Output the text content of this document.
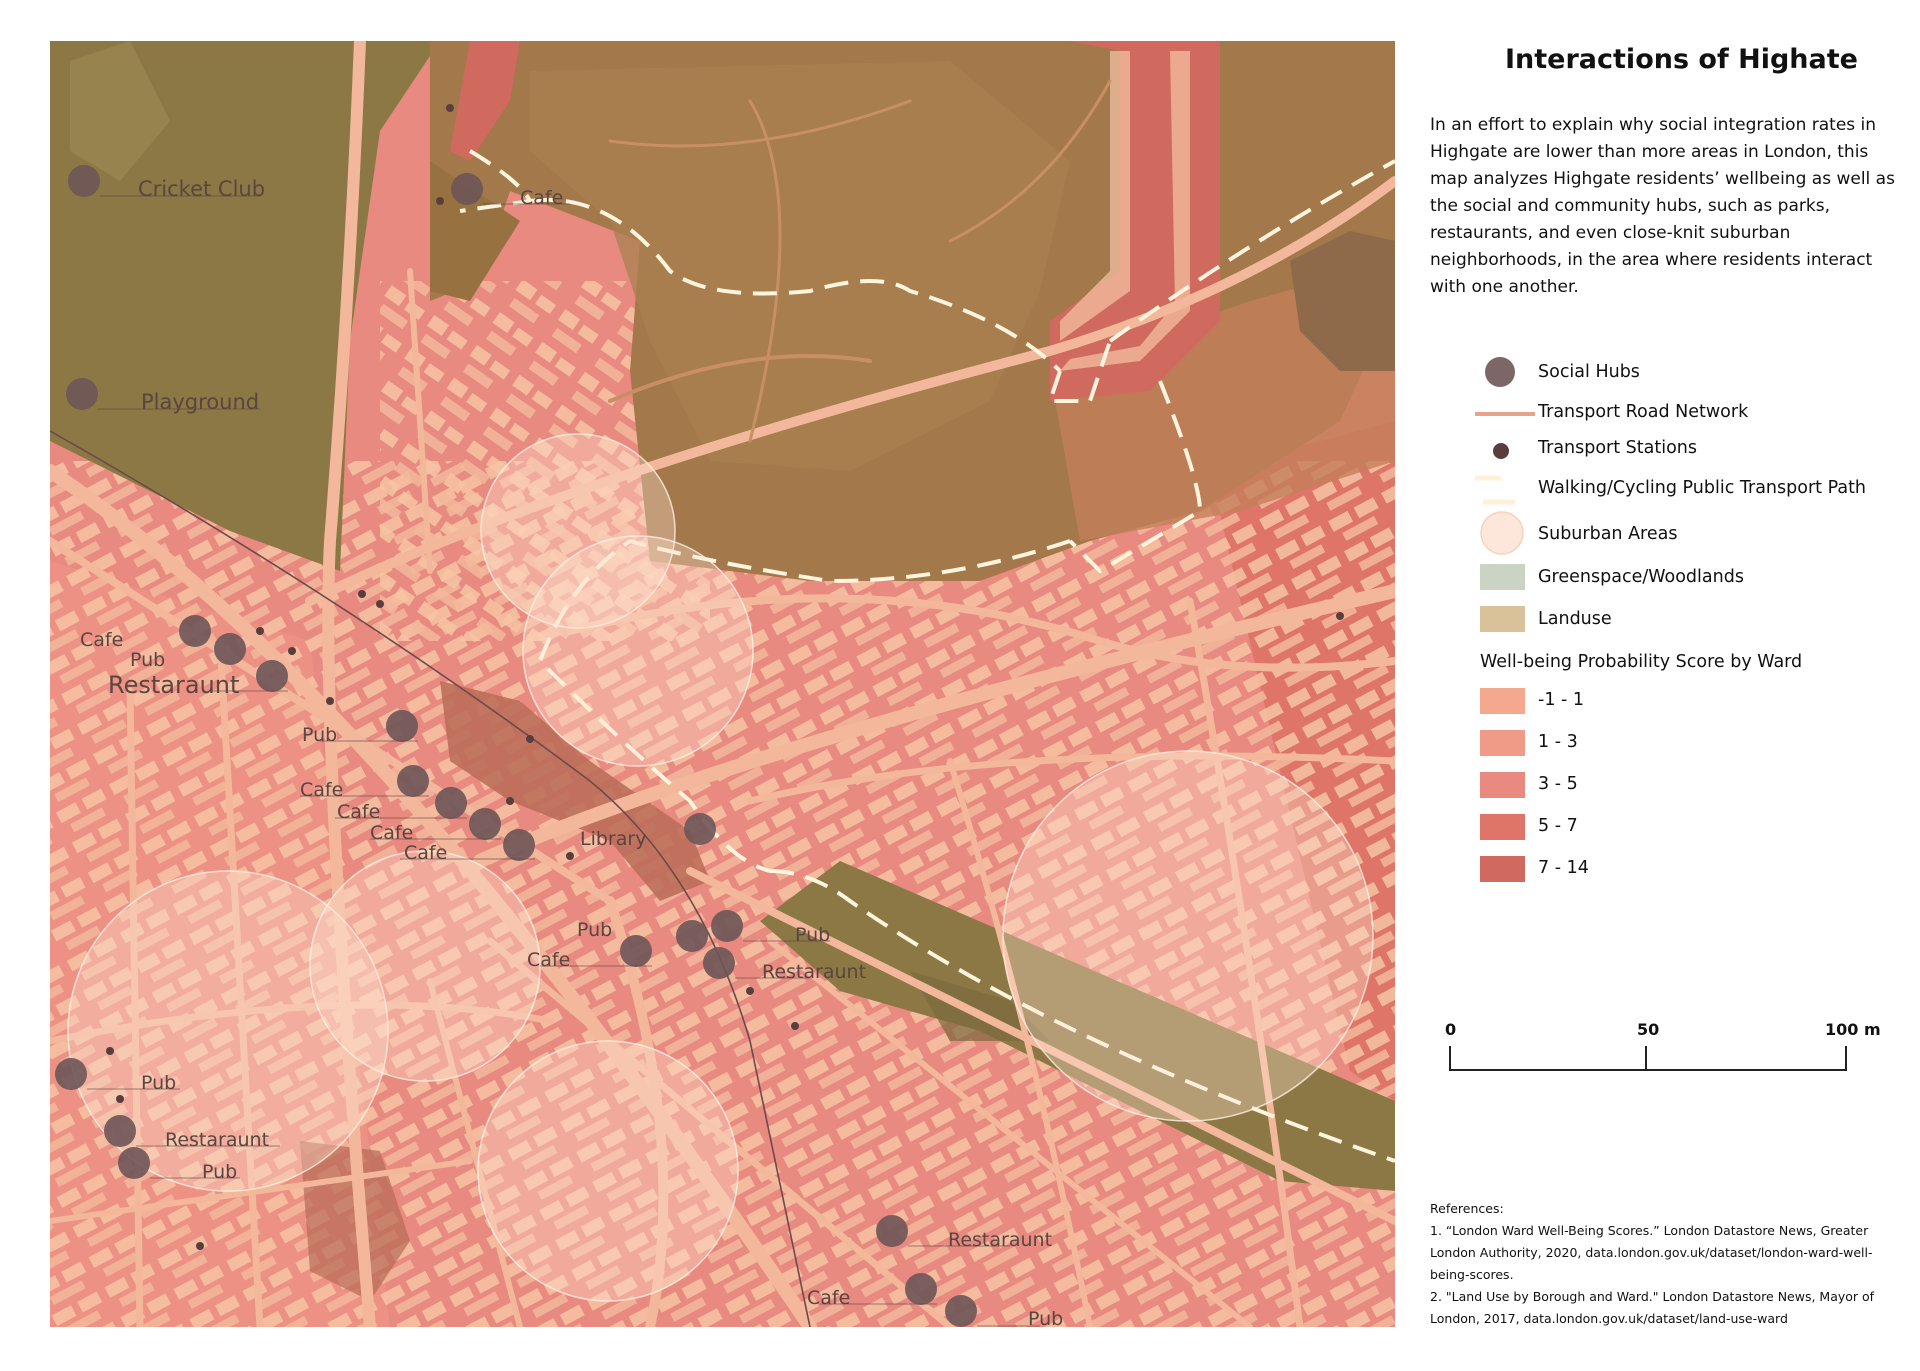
Cricket Club
Playground
Cafe
Cafe
Pub
Restaraunt
Pub
Cafe
Cafe
Cafe
Cafe
Library
Pub
Cafe
Pub
Restaraunt
Pub
Restaraunt
Pub
Restaraunt
Cafe
Pub
Interactions of Highate
In an effort to explain why social integration rates in Highgate are lower than more areas in London, this map analyzes Highgate residents’ wellbeing as well as the social and community hubs, such as parks, restaurants, and even close-knit suburban neighborhoods, in the area where residents interact with one another.
Social Hubs
Transport Road Network
Transport Stations
Walking/Cycling Public Transport Path
Suburban Areas
Greenspace/Woodlands
Landuse
Well-being Probability Score by Ward
-1 - 1
1 - 3
3 - 5
5 - 7
7 - 14
0	50	100 m
References:
1. “London Ward Well-Being Scores.” London Datastore News, Greater London Authority, 2020, data.london.gov.uk/dataset/london-ward-well-being-scores.
2. "Land Use by Borough and Ward." London Datastore News, Mayor of London, 2017, data.london.gov.uk/dataset/land-use-ward
